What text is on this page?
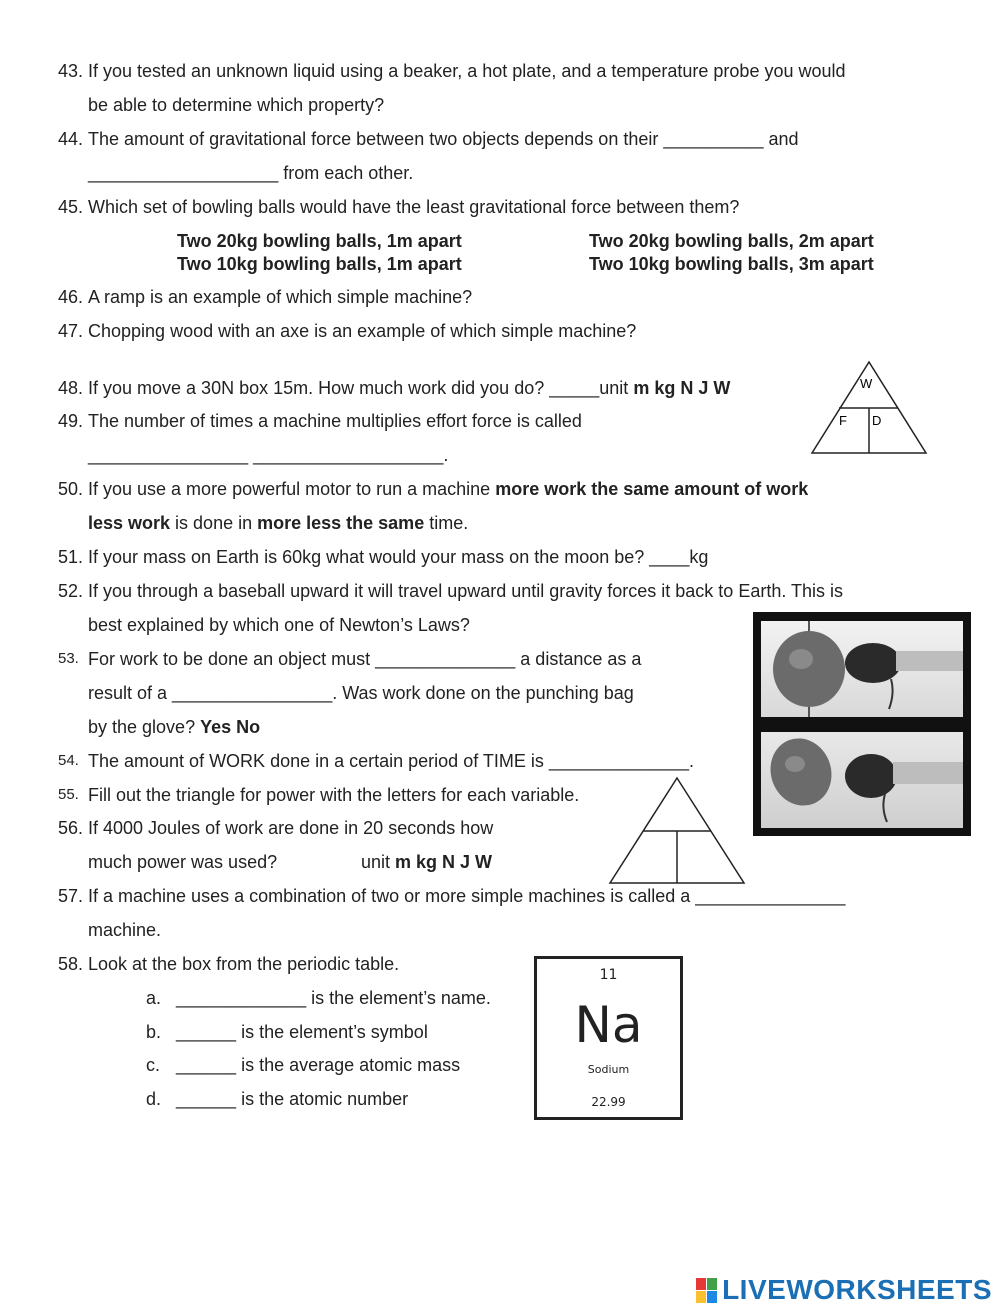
43. If you tested an unknown liquid using a beaker, a hot plate, and a temperature probe you would
be able to determine which property?
44. The amount of gravitational force between two objects depends on their __________ and
___________________ from each other.
45. Which set of bowling balls would have the least gravitational force between them?
Two 20kg bowling balls, 1m apart	Two 20kg bowling balls, 2m apart
Two 10kg bowling balls, 1m apart	Two 10kg bowling balls, 3m apart
46. A ramp is an example of which simple machine?
47. Chopping wood with an axe is an example of which simple machine?
48. If you move a 30N box 15m. How much work did you do? _____unit m kg N J W	W
F D
49. The number of times a machine multiplies effort force is called
________________ ___________________.
50. If you use a more powerful motor to run a machine more work the same amount of work
less work is done in more less the same time.
51. If your mass on Earth is 60kg what would your mass on the moon be? ____kg
52. If you through a baseball upward it will travel upward until gravity forces it back to Earth. This is
best explained by which one of Newton’s Laws?
53. For work to be done an object must ______________ a distance as a
result of a ________________. Was work done on the punching bag
by the glove? Yes No
54. The amount of WORK done in a certain period of TIME is ______________.
55. Fill out the triangle for power with the letters for each variable.
56. If 4000 Joules of work are done in 20 seconds how
much power was used?	unit m kg N J W
57. If a machine uses a combination of two or more simple machines is called a _______________
machine.
58. Look at the box from the periodic table.
a. _____________ is the element’s name.
b. ______ is the element’s symbol
c. ______ is the average atomic mass
d. ______ is the atomic number
11
Na
Sodium
22.99
LIVEWORKSHEETS
